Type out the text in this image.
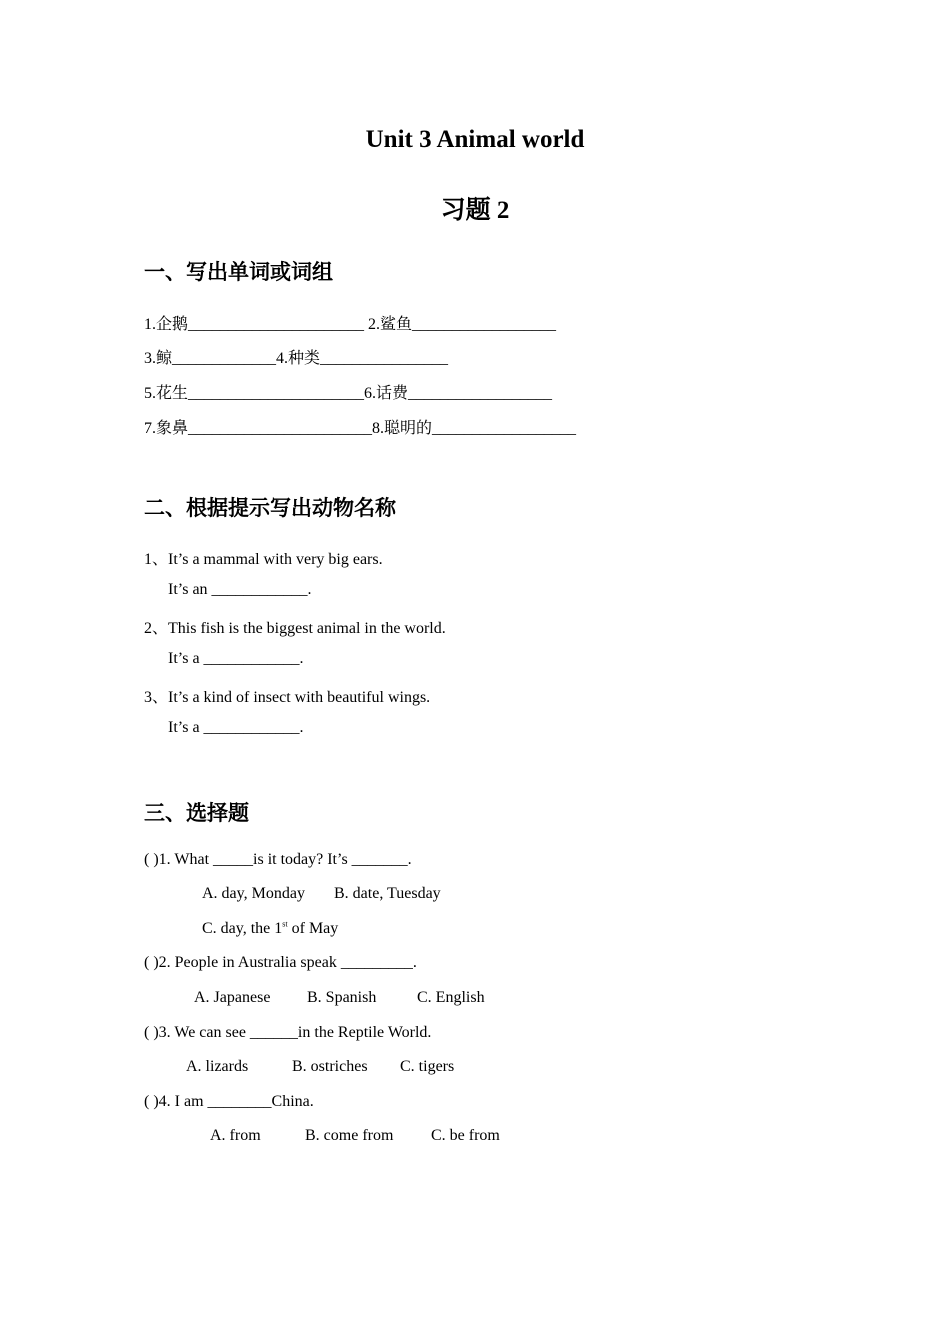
Unit 3 Animal world
习题 2
一、写出单词或词组
1.企鹅______________________ 2.鲨鱼__________________
3.鲸_____________4.种类________________
5.花生______________________6.话费__________________
7.象鼻_______________________8.聪明的__________________
二、根据提示写出动物名称
1、It’s a mammal with very big ears.
It’s an ____________.
2、This fish is the biggest animal in the world.
It’s a ____________.
3、It’s a kind of insect with beautiful wings.
It’s a ____________.
三、选择题
( )1. What _____is it today? It’s _______.
A. day, Monday B. date, Tuesday
C. day, the 1st of May
( )2. People in Australia speak _________.
A. Japanese B. Spanish	C. English
( )3. We can see ______in the Reptile World.
A. lizards	B. ostriches C. tigers
( )4. I am ________China.
A. from	B. come from C. be from
